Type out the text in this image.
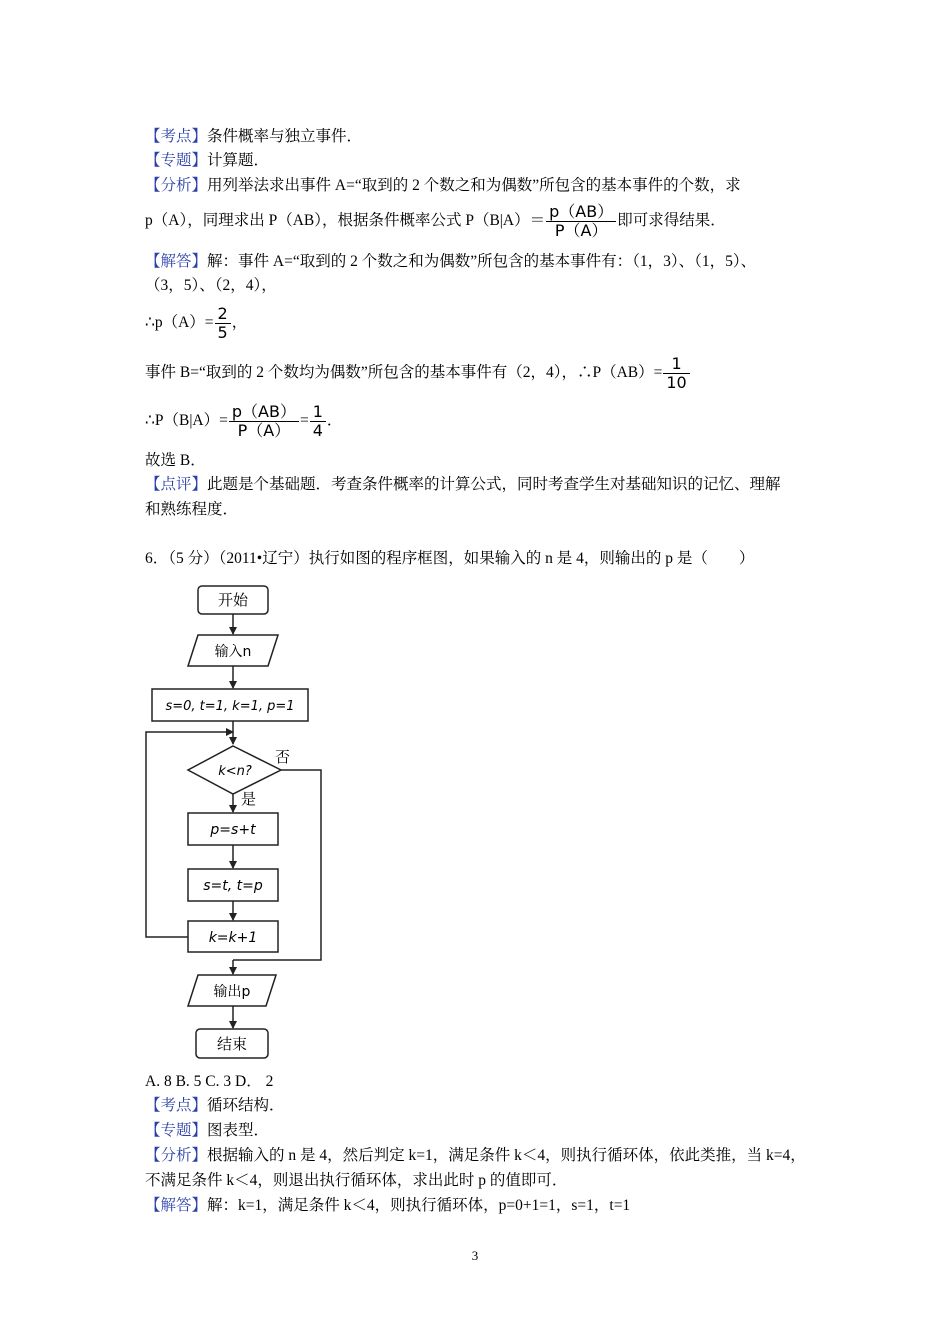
【考点】条件概率与独立事件．
【专题】计算题．
【分析】用列举法求出事件 A=“取到的 2 个数之和为偶数”所包含的基本事件的个数，求
p（A），同理求出 P（AB），根据条件概率公式 $P(B|A)= \frac{p(AB)}{P(A)}$ 即可求得结果．
【解答】解：事件 A=“取到的 2 个数之和为偶数”所包含的基本事件有：（1，3）、（1，5）、
（3，5）、（2，4），
∴p（A）= $\frac{2}{5}$ ，
事件 B=“取到的 2 个数均为偶数”所包含的基本事件有（2，4），∴P（AB）= $\frac{1}{10}$
∴P（B|A）= $\frac{p(AB)}{P(A)} = \frac{1}{4}$ ．
故选 B．
【点评】此题是个基础题．考查条件概率的计算公式，同时考查学生对基础知识的记忆、理解
和熟练程度．
6．（5 分）（2011•辽宁）执行如图的程序框图，如果输入的 n 是 4，则输出的 p 是（　　）
开始
输入n
s=0, t=1, k=1, p=1
k<n?
否
是
p=s+t
s=t, t=p
k=k+1
输出p
结束
A. 8 B. 5 C. 3 D． 2
【考点】循环结构．
【专题】图表型．
【分析】根据输入的 n 是 4，然后判定 k=1，满足条件 k＜4，则执行循环体，依此类推，当 k=4，
不满足条件 k＜4，则退出执行循环体，求出此时 p 的值即可．
【解答】解：k=1，满足条件 k＜4，则执行循环体，p=0+1=1，s=1，t=1
3
